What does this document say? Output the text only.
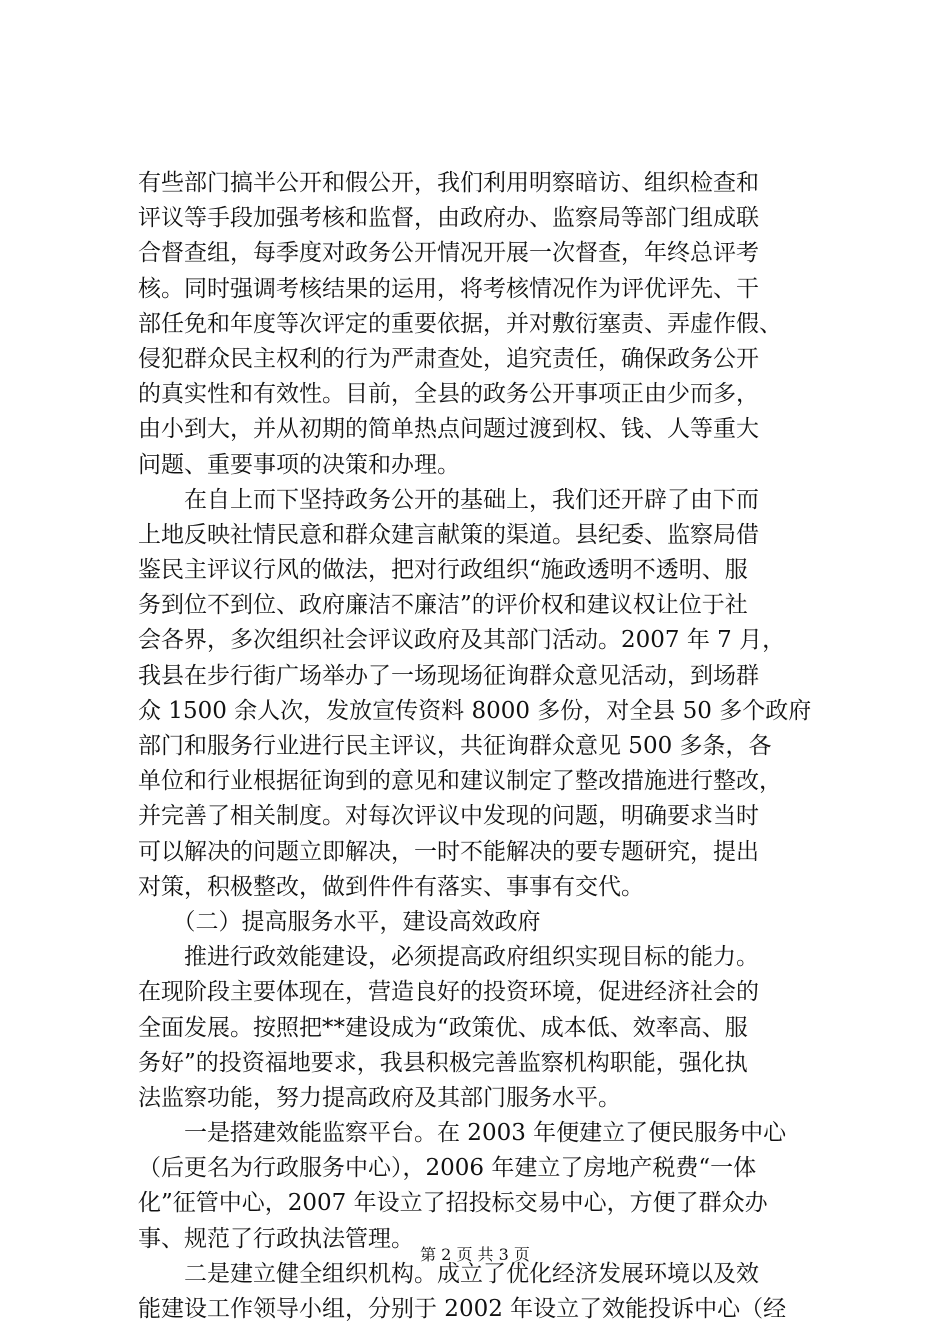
有些部门搞半公开和假公开，我们利用明察暗访、组织检查和
评议等手段加强考核和监督，由政府办、监察局等部门组成联
合督查组，每季度对政务公开情况开展一次督查，年终总评考
核。同时强调考核结果的运用，将考核情况作为评优评先、干
部任免和年度等次评定的重要依据，并对敷衍塞责、弄虚作假、
侵犯群众民主权利的行为严肃查处，追究责任，确保政务公开
的真实性和有效性。目前，全县的政务公开事项正由少而多，
由小到大，并从初期的简单热点问题过渡到权、钱、人等重大
问题、重要事项的决策和办理。
　　在自上而下坚持政务公开的基础上，我们还开辟了由下而
上地反映社情民意和群众建言献策的渠道。县纪委、监察局借
鉴民主评议行风的做法，把对行政组织“施政透明不透明、服
务到位不到位、政府廉洁不廉洁”的评价权和建议权让位于社
会各界，多次组织社会评议政府及其部门活动。2007 年 7 月，
我县在步行街广场举办了一场现场征询群众意见活动，到场群
众 1500 余人次，发放宣传资料 8000 多份，对全县 50 多个政府
部门和服务行业进行民主评议，共征询群众意见 500 多条，各
单位和行业根据征询到的意见和建议制定了整改措施进行整改，
并完善了相关制度。对每次评议中发现的问题，明确要求当时
可以解决的问题立即解决，一时不能解决的要专题研究，提出
对策，积极整改，做到件件有落实、事事有交代。
　　（二）提高服务水平，建设高效政府
　　推进行政效能建设，必须提高政府组织实现目标的能力。
在现阶段主要体现在，营造良好的投资环境，促进经济社会的
全面发展。按照把**建设成为“政策优、成本低、效率高、服
务好”的投资福地要求，我县积极完善监察机构职能，强化执
法监察功能，努力提高政府及其部门服务水平。
　　一是搭建效能监察平台。在 2003 年便建立了便民服务中心
（后更名为行政服务中心），2006 年建立了房地产税费“一体
化”征管中心，2007 年设立了招投标交易中心，方便了群众办
事、规范了行政执法管理。
　　二是建立健全组织机构。成立了优化经济发展环境以及效
能建设工作领导小组，分别于 2002 年设立了效能投诉中心（经
第 2 页 共 3 页
